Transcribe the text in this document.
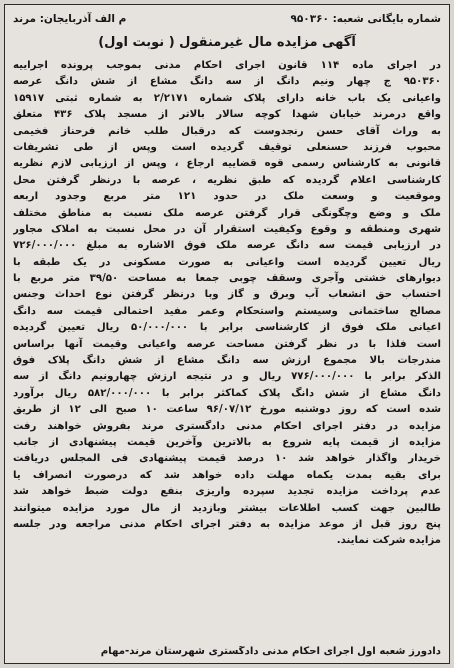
شماره بایگانی شعبه: ۹۵۰۳۶۰
م الف آذربایجان: مرند
آگهی مزایده مال غیرمنقول ( نوبت اول)
در اجرای ماده ۱۱۴ قانون اجرای احکام مدنی بموجب پرونده اجراییه
۹۵۰۳۶۰ ج چهار ونیم دانگ از سه دانگ مشاع از شش دانگ عرصه
واعیانی یک باب خانه دارای پلاک شماره ۲/۲۱۷۱ به شماره ثبتی ۱۵۹۱۷
واقع درمرند خیابان شهدا کوچه سالار بالاتر از مسجد پلاک ۴۳۶ متعلق
به وراث آقای حسن رنجدوست که درقبال طلب خانم فرحناز فخیمی
محبوب فرزند حسنعلی توقیف گردیده است وپس از طی تشریفات
قانونی به کارشناس رسمی قوه قضاییه ارجاع ، وپس از ارزیابی لازم نظریه
کارشناسی اعلام گردیده که طبق نظریه ، عرصه با درنظر گرفتن محل
وموقعیت و وسعت ملک در حدود ۱۲۱ متر مربع وجدود اربعه
ملک و وضع وچگونگی قرار گرفتن عرصه ملک نسبت به مناطق مختلف
شهری ومنطقه و وقوع وکیفیت استقرار آن در محل نسبت به املاک مجاور
در ارزیابی قیمت سه دانگ عرصه ملک فوق الاشاره به مبلغ ۷۲۶/۰۰۰/۰۰۰
ریال تعیین گردیده است واعیانی به صورت مسکونی در یک طبقه با
دیوارهای خشتی وآجری وسقف چوبی جمعا به مساحت ۳۹/۵۰ متر مربع با
احتساب حق انشعاب آب وبرق و گاز وبا درنظر گرفتن نوع احداث وجنس
مصالح ساختمانی وسیستم واستحکام وعمر مفید احتمالی قیمت سه دانگ
اعیانی ملک فوق از کارشناسی برابر با ۵۰/۰۰۰/۰۰۰ ریال تعیین گردیده
است فلذا با در نظر گرفتن مساحت عرصه واعیانی وقیمت آنها براساس
مندرجات بالا مجموع ارزش سه دانگ مشاع از شش دانگ پلاک فوق
الذکر برابر با ۷۷۶/۰۰۰/۰۰۰ ریال و در نتیجه ارزش چهارونیم دانگ از سه
دانگ مشاع از شش دانگ پلاک کماکثر برابر با ۵۸۲/۰۰۰/۰۰۰ ریال برآورد
شده است که روز دوشنبه مورخ ۹۶/۰۷/۱۲ ساعت ۱۰ صبح الی ۱۲ از طریق
مزایده در دفتر اجرای احکام مدنی دادگستری مرند بفروش خواهند رفت
مزایده از قیمت پایه شروع به بالاترین وآخرین قیمت پیشنهادی از جانب
خریدار واگذار خواهد شد ۱۰ درصد قیمت پیشنهادی فی المجلس دریافت
برای بقیه بمدت یکماه مهلت داده خواهد شد که درصورت انصراف یا
عدم پرداخت مزایده تجدید سپرده واریزی بنفع دولت ضبط خواهد شد
طالبین جهت کسب اطلاعات بیشتر وبازدید از مال مورد مزایده میتوانند
پنج روز قبل از موعد مزایده به دفتر اجرای احکام مدنی مراجعه ودر جلسه
مزایده شرکت نمایند.
دادورز شعبه اول اجرای احکام مدنی دادگستری شهرستان مرند-مهام
